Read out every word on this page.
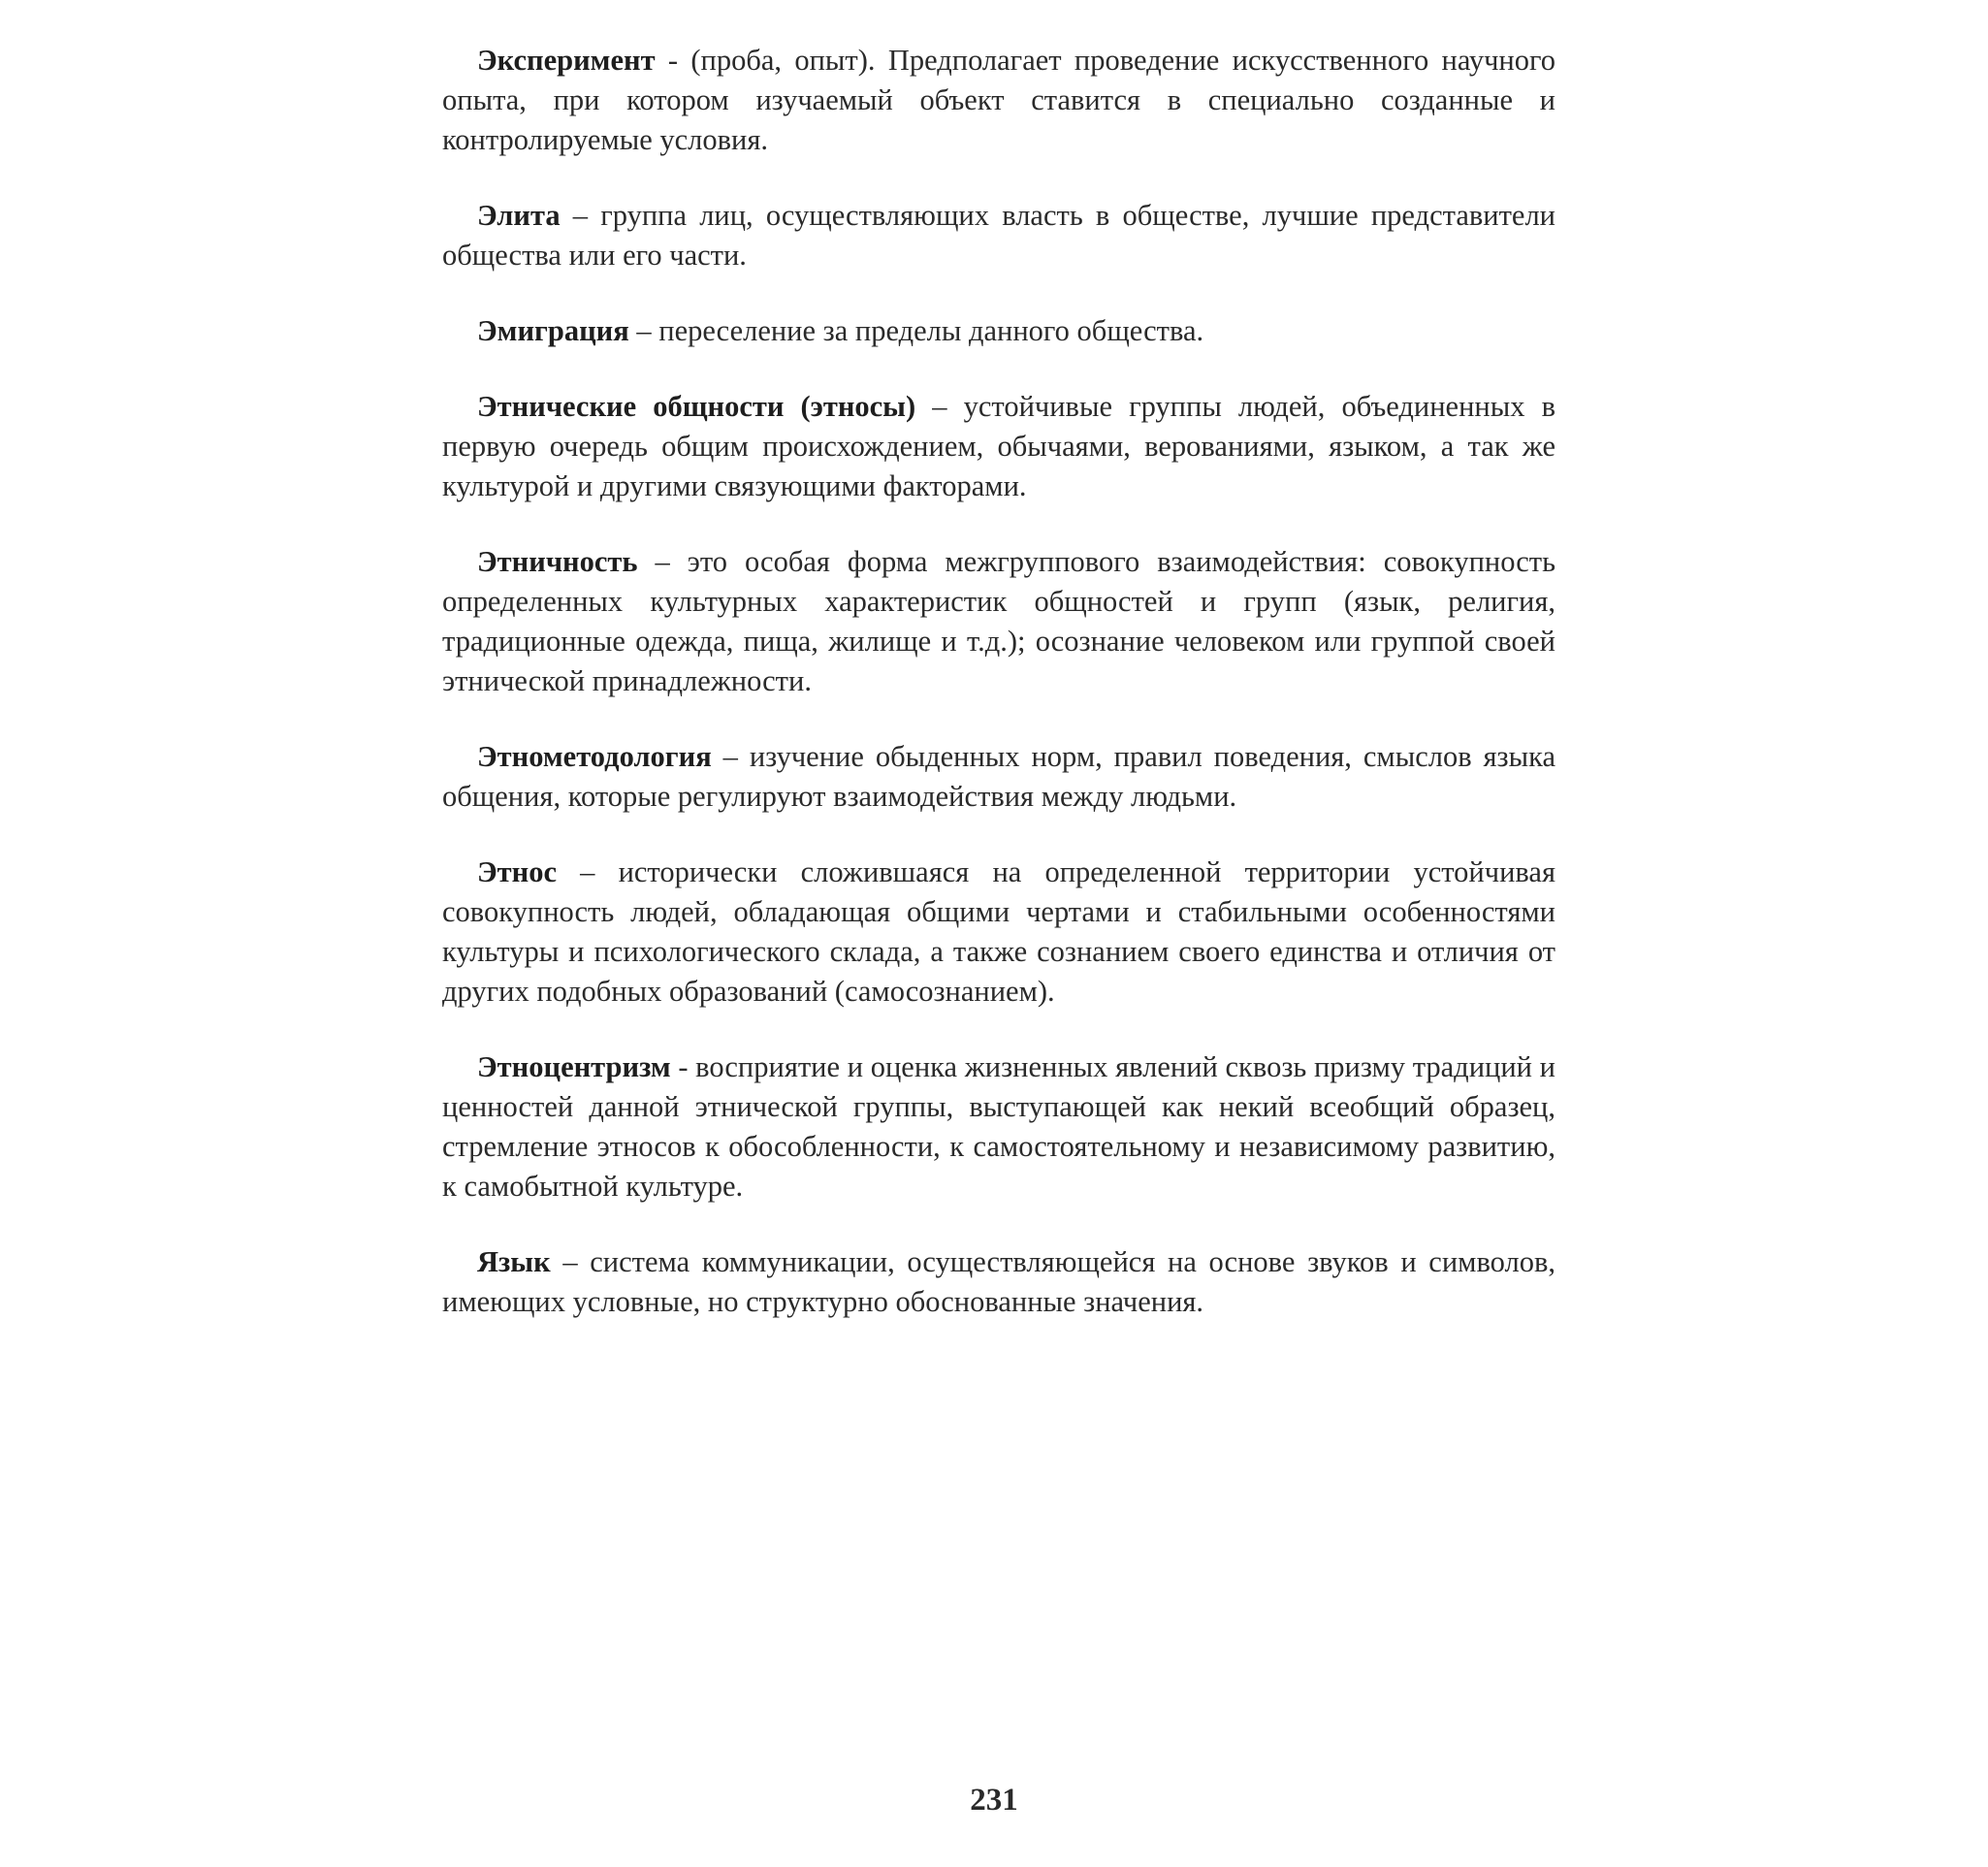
Эксперимент - (проба, опыт). Предполагает проведение искусственного научного опыта, при котором изучаемый объект ставится в специально созданные и контролируемые условия.

Элита – группа лиц, осуществляющих власть в обществе, лучшие представители общества или его части.

Эмиграция – переселение за пределы данного общества.

Этнические общности (этносы) – устойчивые группы людей, объединенных в первую очередь общим происхождением, обычаями, верованиями, языком, а так же культурой и другими связующими факторами.

Этничность – это особая форма межгруппового взаимодействия: совокупность определенных культурных характеристик общностей и групп (язык, религия, традиционные одежда, пища, жилище и т.д.); осознание человеком или группой своей этнической принадлежности.

Этнометодология – изучение обыденных норм, правил поведения, смыслов языка общения, которые регулируют взаимодействия между людьми.

Этнос – исторически сложившаяся на определенной территории устойчивая совокупность людей, обладающая общими чертами и стабильными особенностями культуры и психологического склада, а также сознанием своего единства и отличия от других подобных образований (самосознанием).

Этноцентризм - восприятие и оценка жизненных явлений сквозь призму традиций и ценностей данной этнической группы, выступающей как некий всеобщий образец, стремление этносов к обособленности, к самостоятельному и независимому развитию, к самобытной культуре.

Язык – система коммуникации, осуществляющейся на основе звуков и символов, имеющих условные, но структурно обоснованные значения.

231
